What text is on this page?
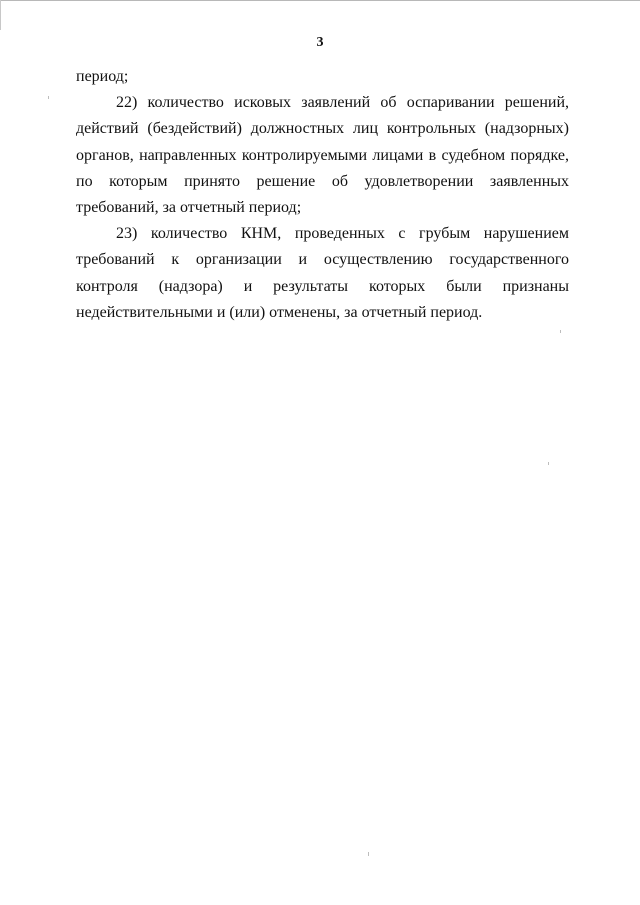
3

период;

22) количество исковых заявлений об оспаривании решений, действий (бездействий) должностных лиц контрольных (надзорных) органов, направленных контролируемыми лицами в судебном порядке, по которым принято решение об удовлетворении заявленных требований, за отчетный период;

23) количество КНМ, проведенных с грубым нарушением требований к организации и осуществлению государственного контроля (надзора) и результаты которых были признаны недействительными и (или) отменены, за отчетный период.
